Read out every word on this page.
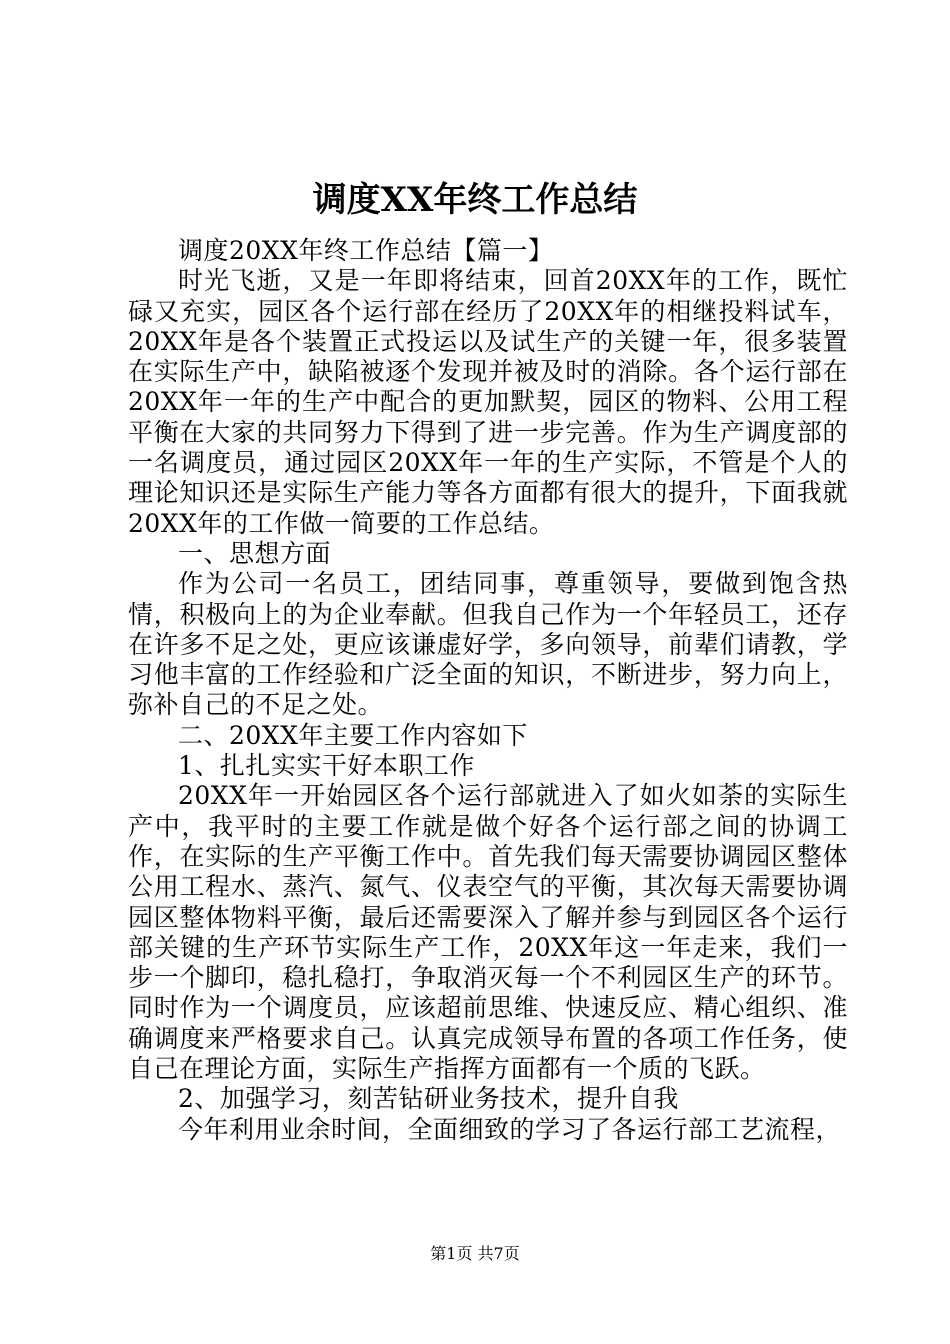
调度XX年终工作总结

调度20XX年终工作总结【篇一】

时光飞逝，又是一年即将结束，回首20XX年的工作，既忙碌又充实，园区各个运行部在经历了20XX年的相继投料试车，20XX年是各个装置正式投运以及试生产的关键一年，很多装置在实际生产中，缺陷被逐个发现并被及时的消除。各个运行部在20XX年一年的生产中配合的更加默契，园区的物料、公用工程平衡在大家的共同努力下得到了进一步完善。作为生产调度部的一名调度员，通过园区20XX年一年的生产实际，不管是个人的理论知识还是实际生产能力等各方面都有很大的提升，下面我就20XX年的工作做一简要的工作总结。

一、思想方面

作为公司一名员工，团结同事，尊重领导，要做到饱含热情，积极向上的为企业奉献。但我自己作为一个年轻员工，还存在许多不足之处，更应该谦虚好学，多向领导，前辈们请教，学习他丰富的工作经验和广泛全面的知识，不断进步，努力向上，弥补自己的不足之处。

二、20XX年主要工作内容如下

1、扎扎实实干好本职工作

20XX年一开始园区各个运行部就进入了如火如荼的实际生产中，我平时的主要工作就是做个好各个运行部之间的协调工作，在实际的生产平衡工作中。首先我们每天需要协调园区整体公用工程水、蒸汽、氮气、仪表空气的平衡，其次每天需要协调园区整体物料平衡，最后还需要深入了解并参与到园区各个运行部关键的生产环节实际生产工作，20XX年这一年走来，我们一步一个脚印，稳扎稳打，争取消灭每一个不利园区生产的环节。同时作为一个调度员，应该超前思维、快速反应、精心组织、准确调度来严格要求自己。认真完成领导布置的各项工作任务，使自己在理论方面，实际生产指挥方面都有一个质的飞跃。

2、加强学习，刻苦钻研业务技术，提升自我

今年利用业余时间，全面细致的学习了各运行部工艺流程，

第1页 共7页
